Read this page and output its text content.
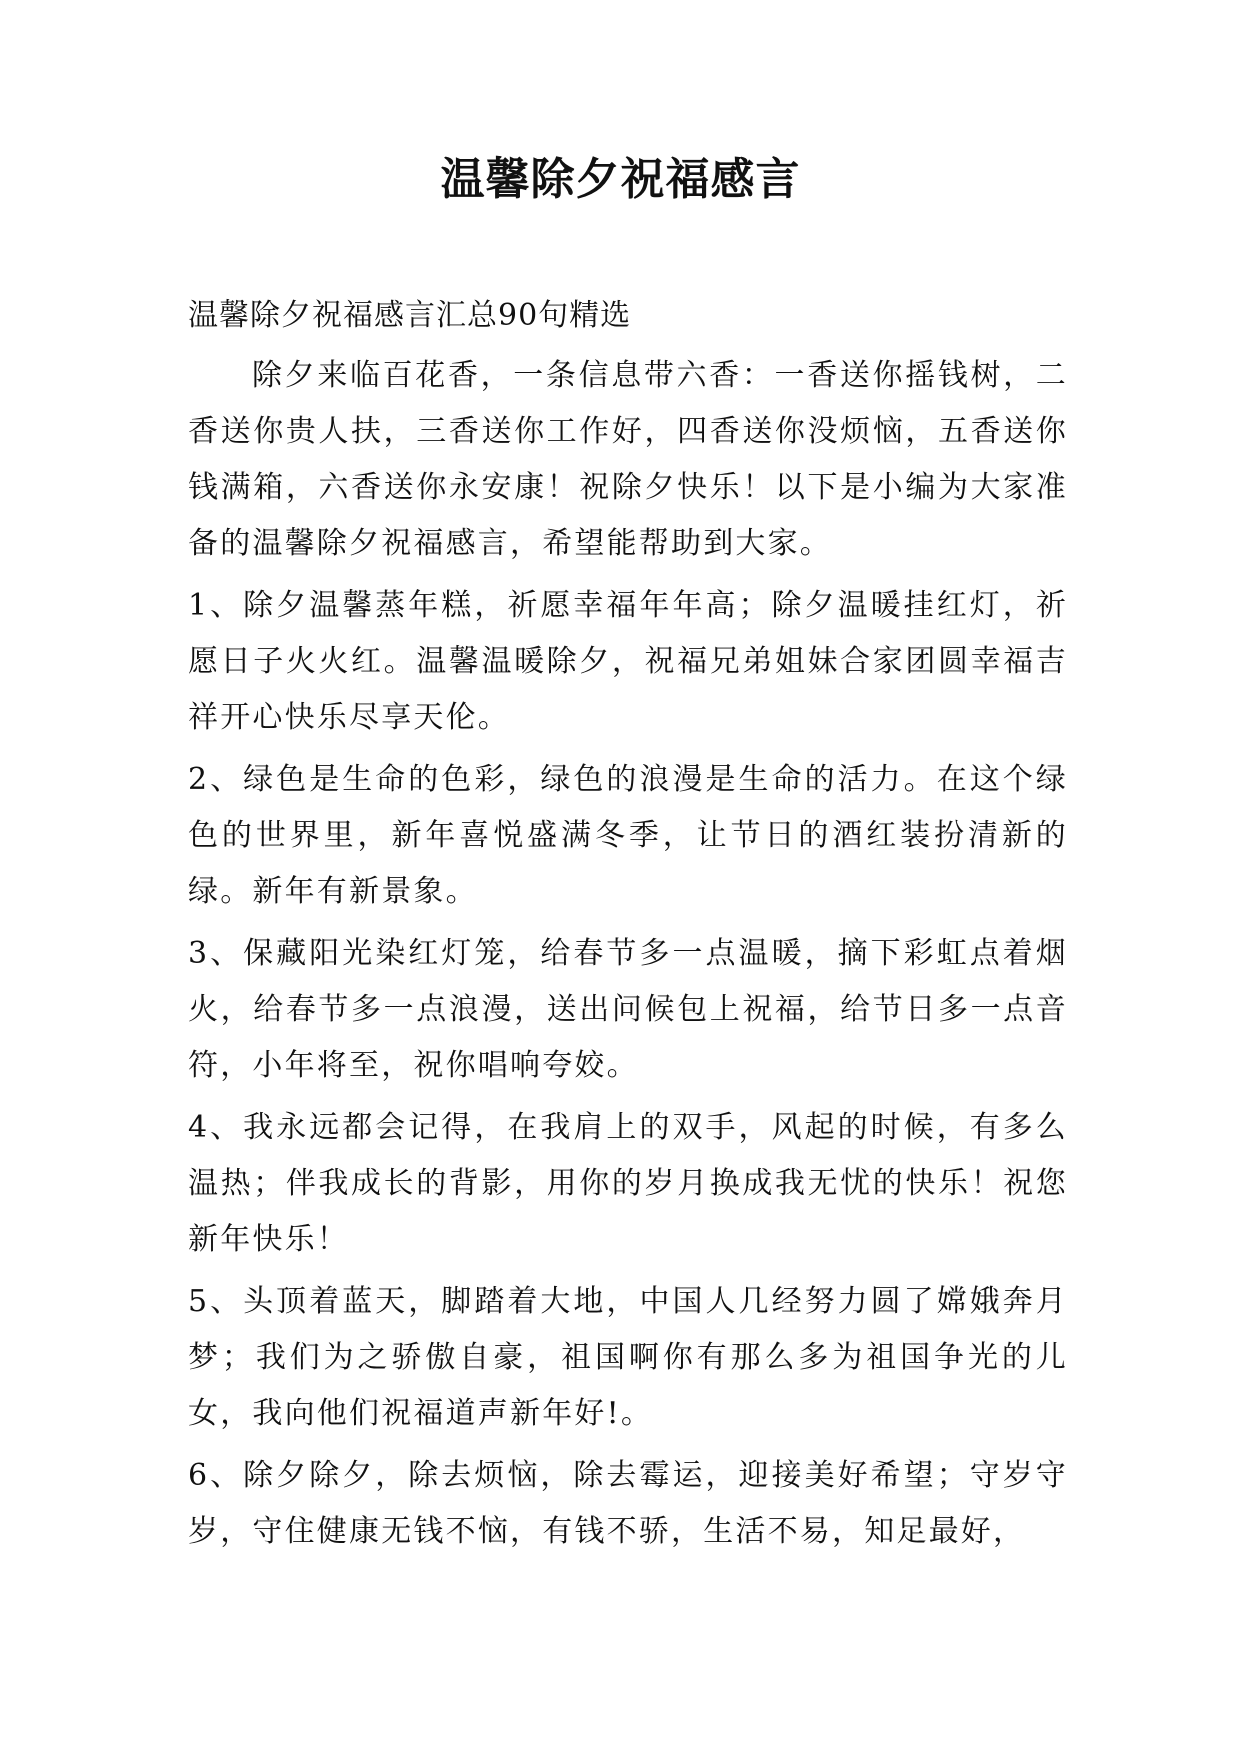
温馨除夕祝福感言

温馨除夕祝福感言汇总90句精选

除夕来临百花香，一条信息带六香：一香送你摇钱树，二香送你贵人扶，三香送你工作好，四香送你没烦恼，五香送你钱满箱，六香送你永安康！祝除夕快乐！以下是小编为大家准备的温馨除夕祝福感言，希望能帮助到大家。

1、除夕温馨蒸年糕，祈愿幸福年年高；除夕温暖挂红灯，祈愿日子火火红。温馨温暖除夕，祝福兄弟姐妹合家团圆幸福吉祥开心快乐尽享天伦。

2、绿色是生命的色彩，绿色的浪漫是生命的活力。在这个绿色的世界里，新年喜悦盛满冬季，让节日的酒红装扮清新的绿。新年有新景象。

3、保藏阳光染红灯笼，给春节多一点温暖，摘下彩虹点着烟火，给春节多一点浪漫，送出问候包上祝福，给节日多一点音符，小年将至，祝你唱响夸姣。

4、我永远都会记得，在我肩上的双手，风起的时候，有多么温热；伴我成长的背影，用你的岁月换成我无忧的快乐！祝您新年快乐！

5、头顶着蓝天，脚踏着大地，中国人几经努力圆了嫦娥奔月梦；我们为之骄傲自豪，祖国啊你有那么多为祖国争光的儿女，我向他们祝福道声新年好!。

6、除夕除夕，除去烦恼，除去霉运，迎接美好希望；守岁守岁，守住健康无钱不恼，有钱不骄，生活不易，知足最好，
